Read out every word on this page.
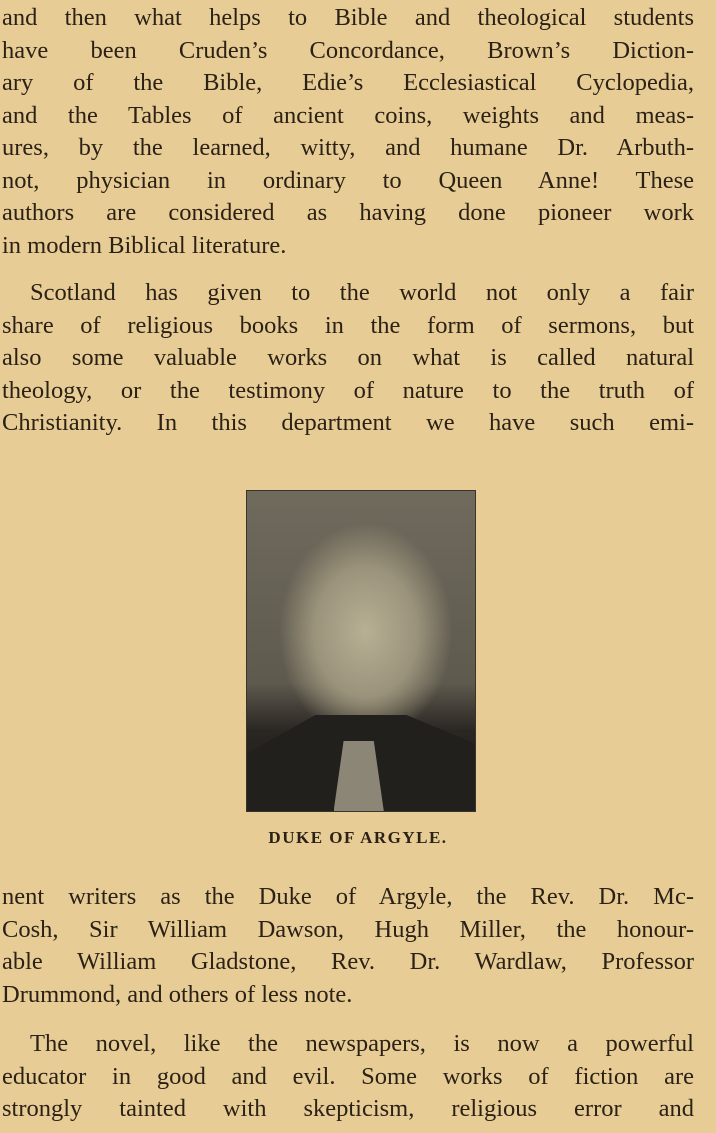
and then what helps to Bible and theological students
have been Cruden’s Concordance, Brown’s Diction-
ary of the Bible, Edie’s Ecclesiastical Cyclopedia,
and the Tables of ancient coins, weights and meas-
ures, by the learned, witty, and humane Dr. Arbuth-
not, physician in ordinary to Queen Anne! These
authors are considered as having done pioneer work
in modern Biblical literature.
Scotland has given to the world not only a fair
share of religious books in the form of sermons, but
also some valuable works on what is called natural
theology, or the testimony of nature to the truth of
Christianity. In this department we have such emi-
DUKE OF ARGYLE.
nent writers as the Duke of Argyle, the Rev. Dr. Mc-
Cosh, Sir William Dawson, Hugh Miller, the honour-
able William Gladstone, Rev. Dr. Wardlaw, Professor
Drummond, and others of less note.
The novel, like the newspapers, is now a powerful
educator in good and evil. Some works of fiction are
strongly tainted with skepticism, religious error and
